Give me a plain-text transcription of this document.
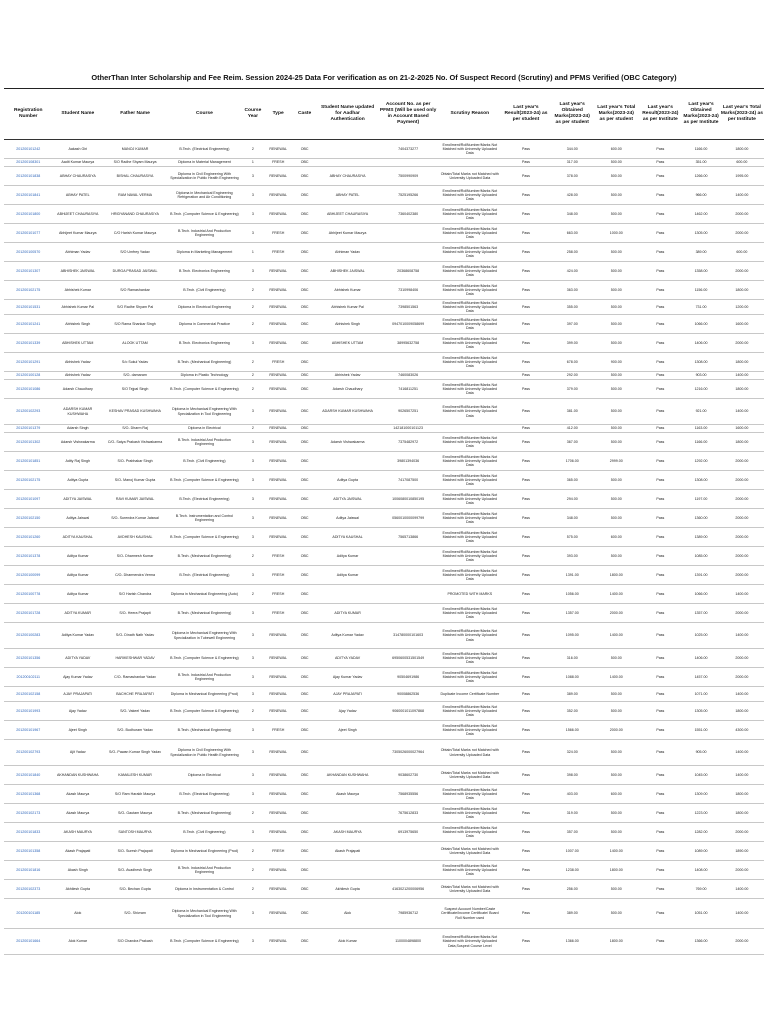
OtherThan Inter Scholarship and Fee Reim. Session 2024-25 Data For verification as on 21-2-2025 No. Of Suspect Record (Scrutiny) and PFMS Verified (OBC Category)
Registration Number	Student Name	Father Name	Course	Course Year	Type	Caste	Student Name updated for Aadhar Authentication	Account No. as per PFMS (Will be used only in Account Based Payment)	Scrutiny Reason	Last year's Result(2023-24) as per student	Last year's Obtained Marks(2023-24) as per student	Last year's Total Marks(2023-24) as per student	Last year's Result(2023-24) as per Institute	Last year's Obtained Marks(2023-24) as per Institute	Last year's Total Marks(2023-24) as per Institute
201200101242	Aakash Giri	MANOJ KUMAR	B.Tech. (Electrical Engineering)	2	RENEWAL	OBC		7404373277	Enrollment/RollNumber/Marks Not Matched with University Uploaded Data	Pass	344.00	600.00	Pass	1166.00	1800.00
201200108301	Aadit Kumar Maurya	S/O Radhe Shyam Maurya	Diploma in Material Management	1	FRESH	OBC				Pass	317.00	500.00	Pass	351.00	600.00
201200101838	ABHAY CHAURASIYA	BISHAL CHAURASIYA	Diploma in Civil Engineering With Specialization in Public Health Engineering	3	RENEWAL	OBC	ABHAY CHAURASIYA	7500990909	Obtain/Total Marks not Matched with University Uploaded Data	Pass	378.00	500.00	Pass	1266.00	1995.00
201200101841	ABHAY PATEL	RAM NAVAL VERMA	Diploma in Mechanical Engineering Refrigeration and Air Conditioning	3	RENEWAL	OBC	ABHAY PATEL	7525195266	Enrollment/RollNumber/Marks Not Matched with University Uploaded Data	Pass	428.00	500.00	Pass	966.00	1400.00
201200101800	ABHIJEET CHAURASIYA	HRIDYANAND CHAURASIYA	B.Tech. (Computer Science & Engineering)	3	RENEWAL	OBC	ABHIJEET CHAURASIYA	7360402380	Enrollment/RollNumber/Marks Not Matched with University Uploaded Data	Pass	348.00	500.00	Pass	1462.00	2000.00
201200101077	Abhijeet Kumar Maurya	C/O Harish Kumar Maurya	B.Tech. Industrial And Production Engineering	3	FRESH	OBC	Abhijeet Kumar Maurya		Enrollment/RollNumber/Marks Not Matched with University Uploaded Data	Pass	663.00	1000.00	Pass	1305.00	2000.00
201200100570	Abhiman Yadav	S/O Umfrey Yadav	Diploma in Marketing Management	1	FRESH	OBC	Abhiman Yadav		Enrollment/RollNumber/Marks Not Matched with University Uploaded Data	Pass	258.00	500.00	Pass	389.00	600.00
201200101307	ABHISHEK JAISWAL	DURGA PRASAD JAISWAL	B.Tech. Electronics Engineering	3	RENEWAL	OBC	ABHISHEK JAISWAL	20368608758	Enrollment/RollNumber/Marks Not Matched with University Uploaded Data	Pass	424.00	500.00	Pass	1358.00	2000.00
201200102175	Abhishek Kumar	S/O Ramashankar	B.Tech. (Civil Engineering)	2	RENEWAL	OBC	Abhishek Kumar	7310998406	Enrollment/RollNumber/Marks Not Matched with University Uploaded Data	Pass	363.00	500.00	Pass	1156.00	1800.00
201200101531	Abhishek Kumar Pal	S/O Radhe Shyam Pal	Diploma in Electrical Engineering	2	RENEWAL	OBC	Abhishek Kumar Pal	7398501563	Enrollment/RollNumber/Marks Not Matched with University Uploaded Data	Pass	355.00	500.00	Pass	731.00	1200.00
201200101241	Abhishek Singh	S/O Rama Shankar Singh	Diploma in Commercial Practice	2	RENEWAL	OBC	Abhishek Singh	0947010009058699	Enrollment/RollNumber/Marks Not Matched with University Uploaded Data	Pass	397.00	500.00	Pass	1066.00	1600.00
201200101339	ABHISHEK UTTAM	ALOOK UTTAM	B.Tech. Electronics Engineering	3	RENEWAL	OBC	ABHISHEK UTTAM	38995632758	Enrollment/RollNumber/Marks Not Matched with University Uploaded Data	Pass	399.00	500.00	Pass	1406.00	2000.00
201200101291	Abhishek Yadav	S/o Sukul Yadav	B.Tech. (Mechanical Engineering)	2	FRESH	OBC			Enrollment/RollNumber/Marks Not Matched with University Uploaded Data	Pass	678.00	900.00	Pass	1308.00	1800.00
201200100128	Abhishek Yadav	S/O- damaram	Diploma in Plastic Technology	2	RENEWAL	OBC	Abhishek Yadav	7460083026		Pass	292.00	500.00	Pass	903.00	1400.00
201200101086	Adarsh Chaudhary	S/O Tejpal Singh	B.Tech. (Computer Science & Engineering)	2	RENEWAL	OBC	Adarsh Chaudhary	7416811251	Enrollment/RollNumber/Marks Not Matched with University Uploaded Data	Pass	379.00	500.00	Pass	1216.00	1800.00
201200102293	ADARSH KUMAR KUSHWAHA	KESHAV PRASAD KUSHWAHA	Diploma in Mechanical Engineering With Specialization in Tool Engineering	3	RENEWAL	OBC	ADARSH KUMAR KUSHWAHA	9026507251	Enrollment/RollNumber/Marks Not Matched with University Uploaded Data	Pass	381.00	500.00	Pass	921.00	1400.00
201200101379	Adarsh Singh	S/O- Dharm Raj	Diploma in Electrical	2	RENEWAL	OBC		142181000101123		Pass	412.00	500.00	Pass	1163.00	1600.00
201200101302	Adarsh Vishwakarma	C/O- Satya Prakash Vishwakarma	B.Tech. Industrial And Production Engineering	3	RENEWAL	OBC	Adarsh Vishwakarma	7375482972	Enrollment/RollNumber/Marks Not Matched with University Uploaded Data	Pass	367.00	500.00	Pass	1166.00	1800.00
201200101851	Adity Raj Singh	S/O- Prabhakar Singh	B.Tech. (Civil Engineering)	3	RENEWAL	OBC		39801394036	Enrollment/RollNumber/Marks Not Matched with University Uploaded Data	Pass	1706.00	2999.00	Pass	1292.00	2000.00
201200102175	Aditya Gupta	S/O- Manoj Kumar Gupta	B.Tech. (Computer Science & Engineering)	3	RENEWAL	OBC	Aditya Gupta	7417087500	Enrollment/RollNumber/Marks Not Matched with University Uploaded Data	Pass	365.00	500.00	Pass	1308.00	2000.00
201200101097	ADITYA JAISWAL	RAVI KUMAR JAISWAL	B.Tech. (Electrical Engineering)	3	RENEWAL	OBC	ADITYA JAISWAL	1006080010850195	Enrollment/RollNumber/Marks Not Matched with University Uploaded Data	Pass	294.00	500.00	Pass	1197.00	2000.00
201200102150	Aditya Jaiswal	S/O- Surendra Kumar Jaiswal	B.Tech. Instrumentation and Control Engineering	3	RENEWAL	OBC	Aditya Jaiswal	0560010000099799	Enrollment/RollNumber/Marks Not Matched with University Uploaded Data	Pass	348.00	500.00	Pass	1360.00	2000.00
201200101260	ADITYA KAUSHAL	AVDHESH KAUSHAL	B.Tech. (Computer Science & Engineering)	3	RENEWAL	OBC	ADITYA KAUSHAL	7565713866	Enrollment/RollNumber/Marks Not Matched with University Uploaded Data	Pass	575.00	600.00	Pass	1389.00	2000.00
201200101378	Aditya Kumar	S/O- Dharmesh Kumar	B.Tech. (Mechanical Engineering)	2	FRESH	OBC	Aditya Kumar		Enrollment/RollNumber/Marks Not Matched with University Uploaded Data	Pass	393.00	500.00	Pass	1085.00	2000.00
201200100099	Aditya Kumar	C/O- Dharmendra Verma	B.Tech. (Electrical Engineering)	3	FRESH	OBC	Aditya Kumar		Enrollment/RollNumber/Marks Not Matched with University Uploaded Data	Pass	1391.00	1800.00	Pass	1391.00	2000.00
201200100778	Aditya Kumar	S/O Harish Chandra	Diploma in Mechanical Engineering (Auto)	2	FRESH	OBC			PROMOTED WITH MARKS	Pass	1056.00	1400.00	Pass	1066.00	1400.00
201200101728	ADITYA KUMAR	S/O- Heera Prajapti	B.Tech. (Mechanical Engineering)	3	FRESH	OBC	ADITYA KUMAR		Enrollment/RollNumber/Marks Not Matched with University Uploaded Data	Pass	1357.00	2000.00	Pass	1357.00	2000.00
201200100283	Aditya Kumar Yadav	S/O- Dinath Nath Yadav	Diploma in Mechanical Engineering With Specialization in Tubewell Engineering	3	RENEWAL	OBC	Aditya Kumar Yadav	314780000101603	Enrollment/RollNumber/Marks Not Matched with University Uploaded Data	Pass	1095.00	1400.00	Pass	1025.00	1400.00
201200101356	ADITYA YADAV	HARIKESHWAR YADAV	B.Tech. (Computer Science & Engineering)	3	RENEWAL	OBC	ADITYA YADAV	6950600531501549	Enrollment/RollNumber/Marks Not Matched with University Uploaded Data	Pass	316.00	500.00	Pass	1406.00	2000.00
201200102111	Ajay Kumar Yadav	C/O- Ramashankar Yadav	B.Tech. Industrial And Production Engineering	3	RENEWAL	OBC	Ajay Kumar Yadav	90504691986	Enrollment/RollNumber/Marks Not Matched with University Uploaded Data	Pass	1088.00	1400.00	Pass	1457.00	2000.00
201200102158	AJAY PRAJAPATI	BACHCHE PRAJAPATI	Diploma in Mechanical Engineering (Prod)	3	RENEWAL	OBC	AJAY PRAJAPATI	90008862536	Duplicate Income Certificate Number	Pass	389.00	500.00	Pass	1071.00	1400.00
201200101993	Ajay Yadav	S/O- Vakeel Yadav	B.Tech. (Computer Science & Engineering)	2	RENEWAL	OBC	Ajay Yadav	9060001011097868	Enrollment/RollNumber/Marks Not Matched with University Uploaded Data	Pass	352.00	500.00	Pass	1305.00	1800.00
201200101967	Ajeet Singh	S/O- Budhuram Yadav	B.Tech. (Mechanical Engineering)	3	FRESH	OBC	Ajeet Singh		Enrollment/RollNumber/Marks Not Matched with University Uploaded Data	Pass	1566.00	2000.00	Pass	1551.00	4300.00
201200102793	Ajit Yadav	S/O- Pawan Kumar Singh Yadav	Diploma in Civil Engineering With Specialization in Public Health Engineering	3	RENEWAL	OBC		7305026000027964	Obtain/Total Marks not Matched with University Uploaded Data	Pass	324.00	500.00	Pass	905.00	1400.00
201200101840	AKHANDAN KUSHWAHA	KAMALESH KUMAR	Diploma in Electrical	3	RENEWAL	OBC	AKHANDAN KUSHWAHA	9038602730	Obtain/Total Marks not Matched with University Uploaded Data	Pass	398.00	500.00	Pass	1045.00	1400.00
201200101368	Akash Maurya	S/O Ram Harakh Maurya	B.Tech. (Electrical Engineering)	3	RENEWAL	OBC	Akash Maurya	7568935556	Enrollment/RollNumber/Marks Not Matched with University Uploaded Data	Pass	403.00	600.00	Pass	1309.00	1800.00
201200102173	Akash Maurya	S/O- Gautam Maurya	B.Tech. (Mechanical Engineering)	2	RENEWAL	OBC		7675612833	Enrollment/RollNumber/Marks Not Matched with University Uploaded Data	Pass	319.00	500.00	Pass	1223.00	1800.00
201200101833	AKASH MAURYA	SANTOSH MAURYA	B.Tech. (Civil Engineering)	3	RENEWAL	OBC	AKASH MAURYA	6913975650	Enrollment/RollNumber/Marks Not Matched with University Uploaded Data	Pass	357.00	500.00	Pass	1282.00	2000.00
201200101358	Akash Prajapati	S/O- Suresh Prajapati	Diploma in Mechanical Engineering (Prod)	2	FRESH	OBC	Akash Prajapati		Obtain/Total Marks not Matched with University Uploaded Data	Pass	1007.00	1400.00	Pass	1089.00	1890.00
201200101816	Akash Singh	S/O- Avadhesh Singh	B.Tech. Industrial And Production Engineering	2	RENEWAL	OBC			Enrollment/RollNumber/Marks Not Matched with University Uploaded Data	Pass	1238.00	1800.00	Pass	1408.00	2000.00
201200102373	Akhilesh Gupta	S/O- Bechan Gupta	Diploma in Instrumentation & Control	2	RENEWAL	OBC	Akhilesh Gupta	4163021200006956	Obtain/Total Marks not Matched with University Uploaded Data	Pass	256.00	500.00	Pass	769.00	1400.00
201200101185	Alok	S/O- Shivram	Diploma in Mechanical Engineering With Specialization in Tool Engineering	3	RENEWAL	OBC	Alok	7985936712	Suspect Account Number/Caste Certificate/Income Certificate/ Board Roll Number used	Pass	389.00	500.00	Pass	1051.00	1400.00
201200101664	Alok Kumar	S/O Chandra Prakash	B.Tech. (Computer Science & Engineering)	3	RENEWAL	OBC	Alok Kumar	1100004898800	Enrollment/RollNumber/Marks Not Matched with University Uploaded Data,Suspect Course Level	Pass	1366.00	1800.00	Pass	1366.00	2000.00
